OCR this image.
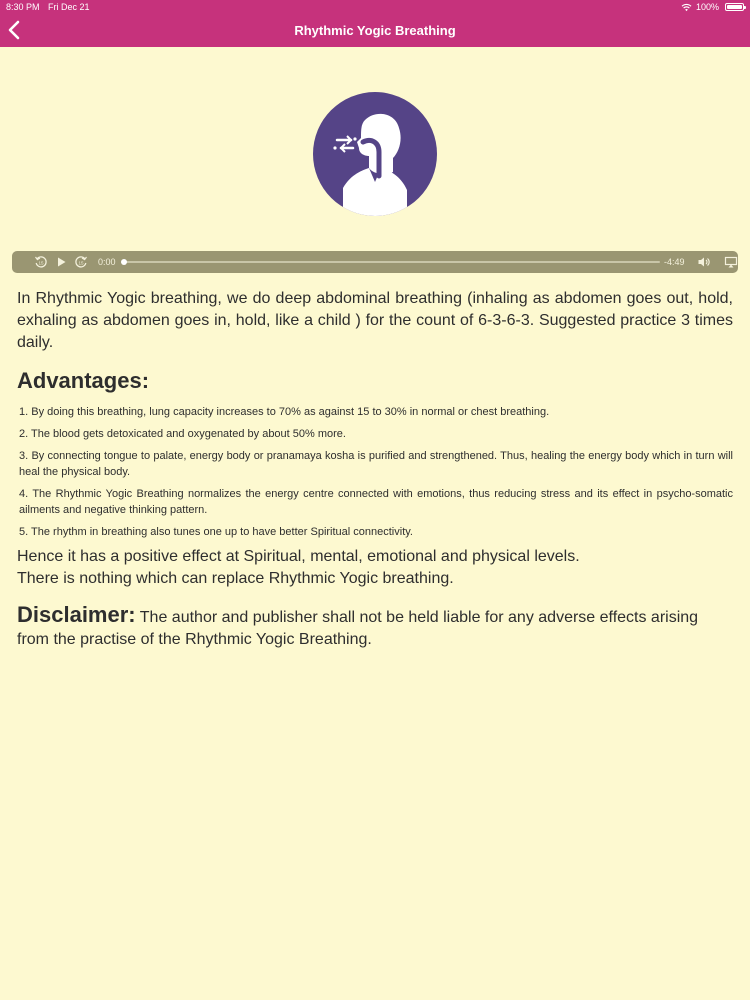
8:30 PM Fri Dec 21	100%
Rhythmic Yogic Breathing
15	15 0:00	-4:49

In Rhythmic Yogic breathing, we do deep abdominal breathing (inhaling as abdomen goes out, hold, exhaling as abdomen goes in, hold, like a child ) for the count of 6-3-6-3. Suggested practice 3 times daily.

Advantages:
1. By doing this breathing, lung capacity increases to 70% as against 15 to 30% in normal or chest breathing.
2. The blood gets detoxicated and oxygenated by about 50% more.
3. By connecting tongue to palate, energy body or pranamaya kosha is purified and strengthened. Thus, healing the energy body which in turn will heal the physical body.
4. The Rhythmic Yogic Breathing normalizes the energy centre connected with emotions, thus reducing stress and its effect in psycho-somatic ailments and negative thinking pattern.
5. The rhythm in breathing also tunes one up to have better Spiritual connectivity.

Hence it has a positive effect at Spiritual, mental, emotional and physical levels.

There is nothing which can replace Rhythmic Yogic breathing.

Disclaimer: The author and publisher shall not be held liable for any adverse effects arising from the practise of the Rhythmic Yogic Breathing.
